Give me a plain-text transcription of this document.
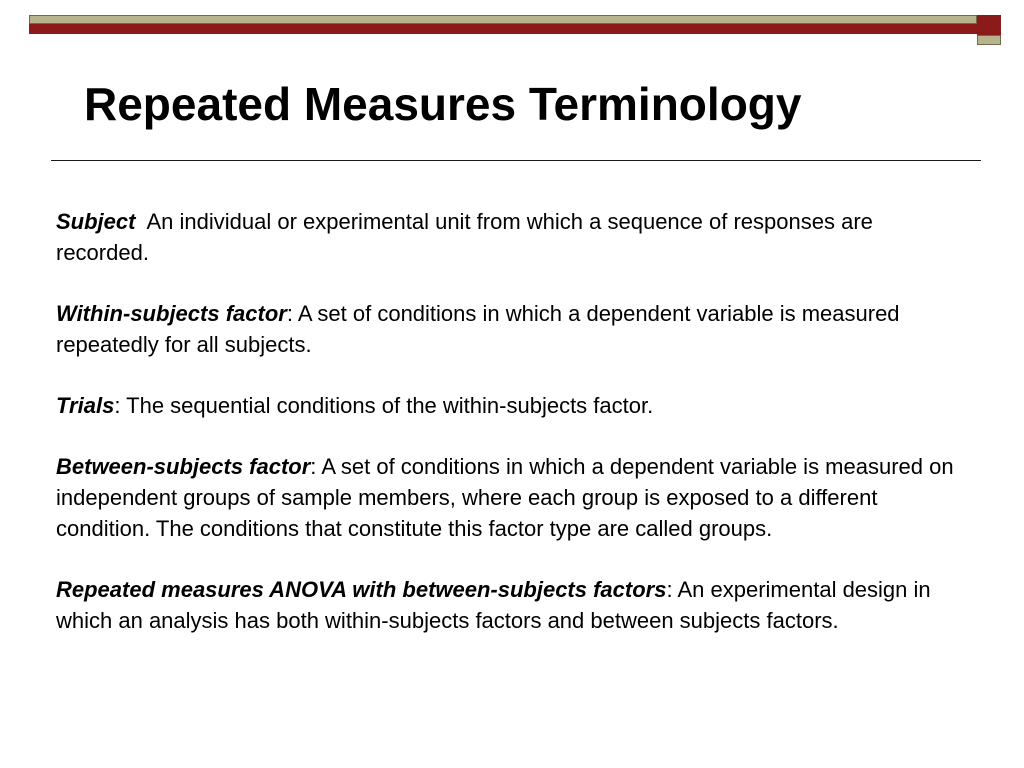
Repeated Measures Terminology

Subject An individual or experimental unit from which a sequence of responses are recorded.

Within-subjects factor: A set of conditions in which a dependent variable is measured repeatedly for all subjects.

Trials: The sequential conditions of the within-subjects factor.

Between-subjects factor: A set of conditions in which a dependent variable is measured on independent groups of sample members, where each group is exposed to a different condition. The conditions that constitute this factor type are called groups.

Repeated measures ANOVA with between-subjects factors: An experimental design in which an analysis has both within-subjects factors and between subjects factors.
